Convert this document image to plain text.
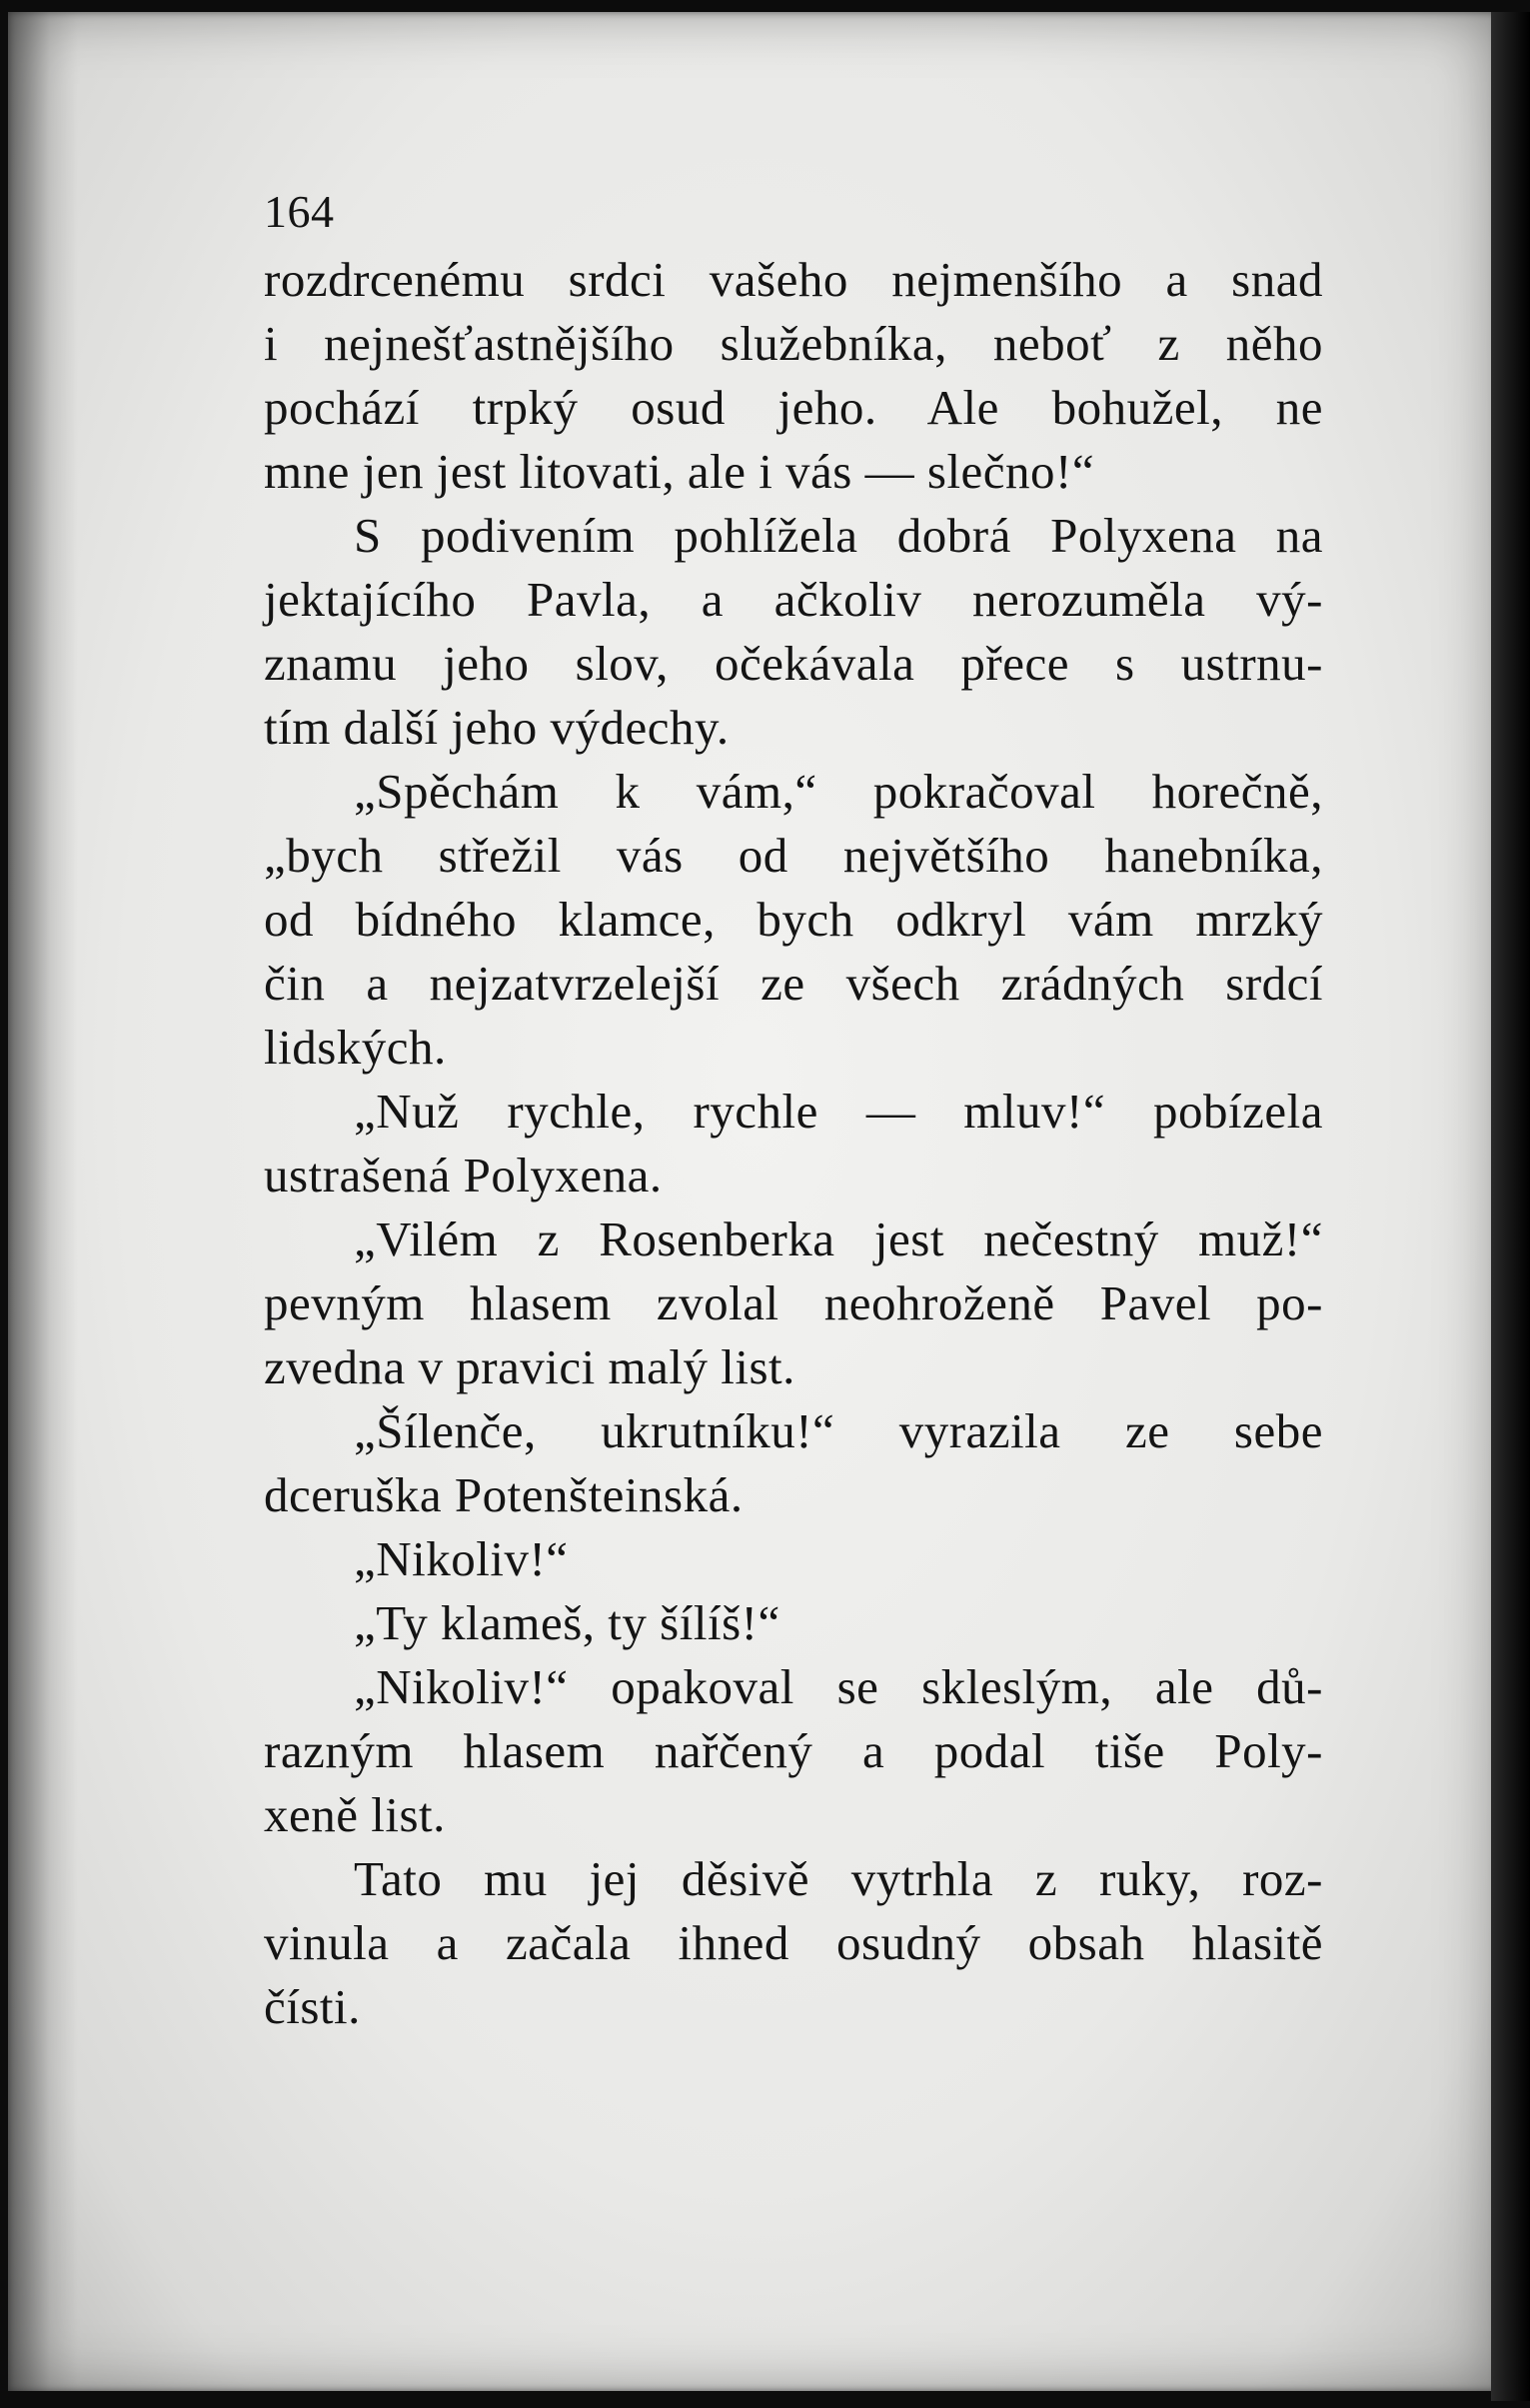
164
rozdrcenému srdci vašeho nejmenšího a snad
i nejnešťastnějšího služebníka, neboť z něho
pochází trpký osud jeho. Ale bohužel, ne
mne jen jest litovati, ale i vás — slečno!“
S podivením pohlížela dobrá Polyxena na
jektajícího Pavla, a ačkoliv nerozuměla vý-
znamu jeho slov, očekávala přece s ustrnu-
tím další jeho výdechy.
„Spěchám k vám,“ pokračoval horečně,
„bych střežil vás od největšího hanebníka,
od bídného klamce, bych odkryl vám mrzký
čin a nejzatvrzelejší ze všech zrádných srdcí
lidských.
„Nuž rychle, rychle — mluv!“ pobízela
ustrašená Polyxena.
„Vilém z Rosenberka jest nečestný muž!“
pevným hlasem zvolal neohroženě Pavel po-
zvedna v pravici malý list.
„Šílenče, ukrutníku!“ vyrazila ze sebe
dceruška Potenšteinská.
„Nikoliv!“
„Ty klameš, ty šílíš!“
„Nikoliv!“ opakoval se skleslým, ale dů-
razným hlasem nařčený a podal tiše Poly-
xeně list.
Tato mu jej děsivě vytrhla z ruky, roz-
vinula a začala ihned osudný obsah hlasitě
čísti.
